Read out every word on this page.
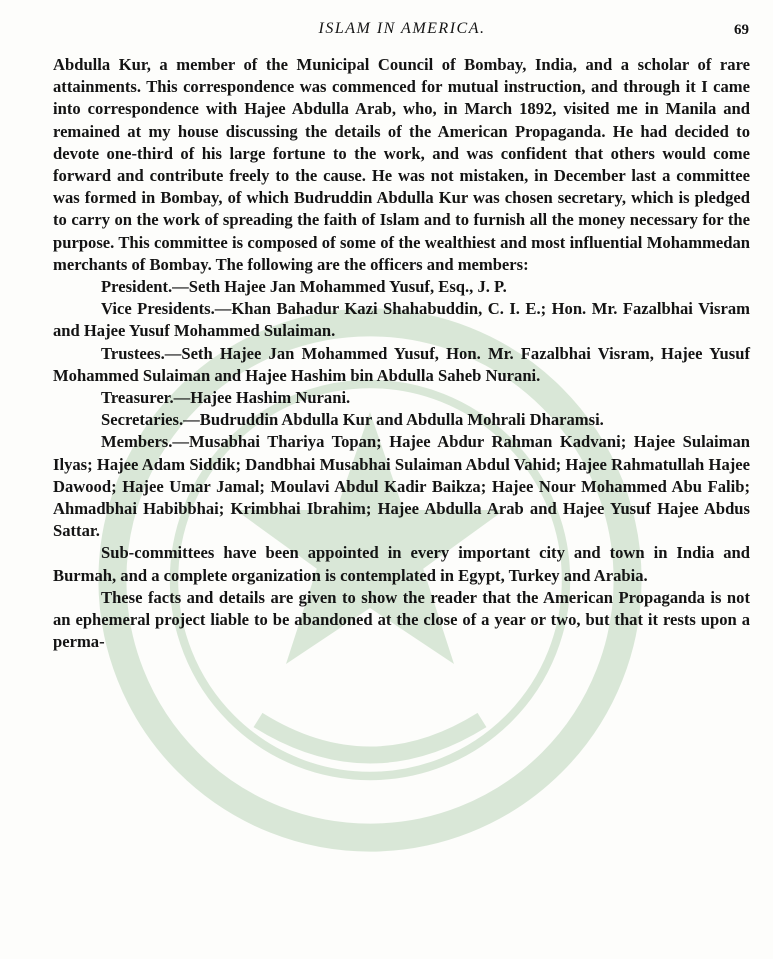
ISLAM IN AMERICA.	69

Abdulla Kur, a member of the Municipal Council of Bombay, India, and a scholar of rare attainments. This correspondence was commenced for mutual instruction, and through it I came into correspondence with Hajee Abdulla Arab, who, in March 1892, visited me in Manila and remained at my house discussing the details of the American Propaganda. He had decided to devote one-third of his large fortune to the work, and was confident that others would come forward and contribute freely to the cause. He was not mistaken, in December last a committee was formed in Bombay, of which Budruddin Abdulla Kur was chosen secretary, which is pledged to carry on the work of spreading the faith of Islam and to furnish all the money necessary for the purpose. This committee is composed of some of the wealthiest and most influential Mohammedan merchants of Bombay. The following are the officers and members:

President.—Seth Hajee Jan Mohammed Yusuf, Esq., J. P.

Vice Presidents.—Khan Bahadur Kazi Shahabuddin, C. I. E.; Hon. Mr. Fazalbhai Visram and Hajee Yusuf Mohammed Sulaiman.

Trustees.—Seth Hajee Jan Mohammed Yusuf, Hon. Mr. Fazalbhai Visram, Hajee Yusuf Mohammed Sulaiman and Hajee Hashim bin Abdulla Saheb Nurani.

Treasurer.—Hajee Hashim Nurani.

Secretaries.—Budruddin Abdulla Kur and Abdulla Mohrali Dharamsi.

Members.—Musabhai Thariya Topan; Hajee Abdur Rahman Kadvani; Hajee Sulaiman Ilyas; Hajee Adam Siddik; Dandbhai Musabhai Sulaiman Abdul Vahid; Hajee Rahmatullah Hajee Dawood; Hajee Umar Jamal; Moulavi Abdul Kadir Baikza; Hajee Nour Mohammed Abu Falib; Ahmadbhai Habibbhai; Krimbhai Ibrahim; Hajee Abdulla Arab and Hajee Yusuf Hajee Abdus Sattar.

Sub-committees have been appointed in every important city and town in India and Burmah, and a complete organization is contemplated in Egypt, Turkey and Arabia.

These facts and details are given to show the reader that the American Propaganda is not an ephemeral project liable to be abandoned at the close of a year or two, but that it rests upon a perma-
